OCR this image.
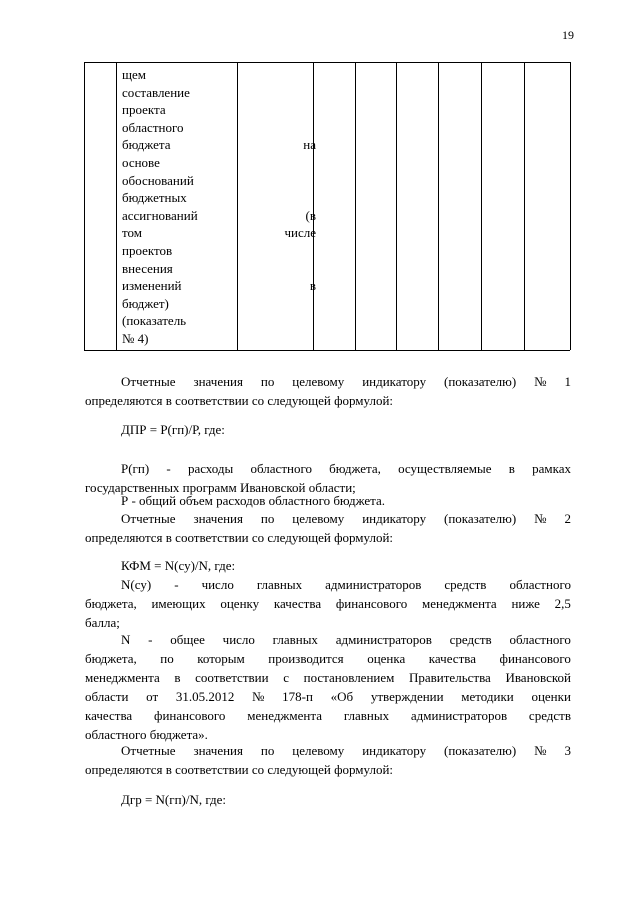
19
щем
составление
проекта
областного
бюджета	на
основе
обоснований
бюджетных
ассигнований	(в
том	числе
проектов
внесения
изменений	в
бюджет)
(показатель
№ 4)
Отчетные значения по целевому индикатору (показателю) № 1
определяются в соответствии со следующей формулой:
ДПР = Р(гп)/Р, где:
Р(гп) - расходы областного бюджета, осуществляемые в рамках
государственных программ Ивановской области;
Р - общий объем расходов областного бюджета.
Отчетные значения по целевому индикатору (показателю) № 2
определяются в соответствии со следующей формулой:
КФМ = N(су)/N, где:
N(су) - число главных администраторов средств областного
бюджета, имеющих оценку качества финансового менеджмента ниже 2,5
балла;
N - общее число главных администраторов средств областного
бюджета, по которым производится оценка качества финансового
менеджмента в соответствии с постановлением Правительства Ивановской
области от 31.05.2012 № 178-п «Об утверждении методики оценки
качества финансового менеджмента главных администраторов средств
областного бюджета».
Отчетные значения по целевому индикатору (показателю) № 3
определяются в соответствии со следующей формулой:
Дгр = N(гп)/N, где:
